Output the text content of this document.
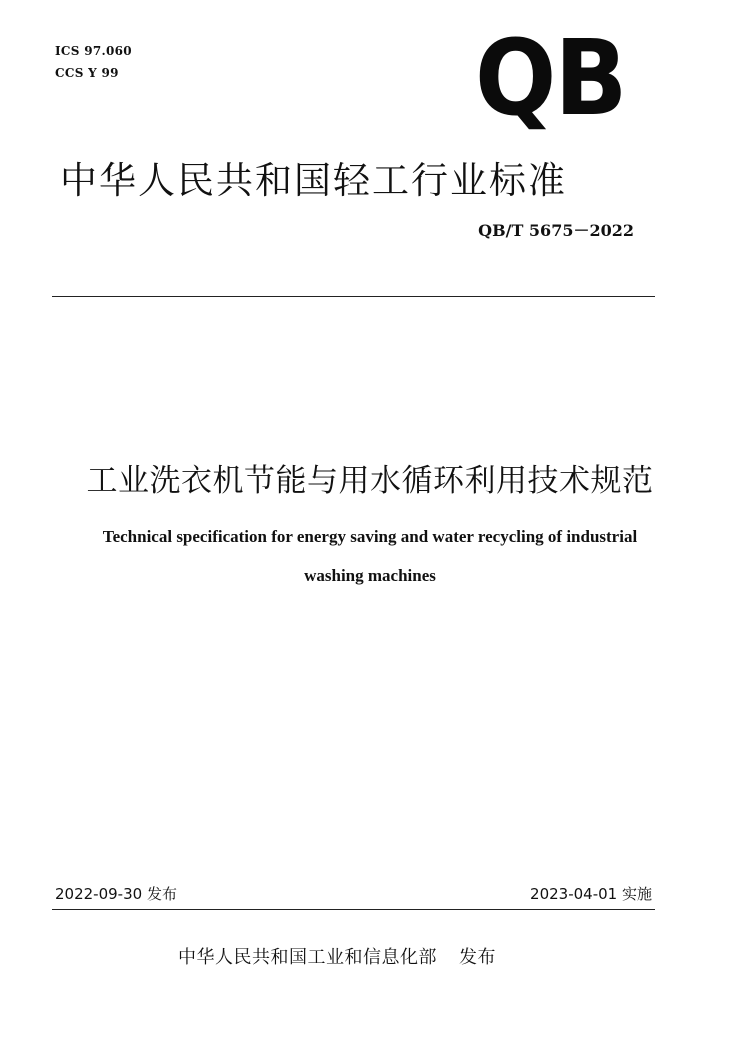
ICS 97.060
CCS Y 99	QB
中华人民共和国轻工行业标准
QB/T 5675－2022
工业洗衣机节能与用水循环利用技术规范
Technical specification for energy saving and water recycling of industrial
washing machines
2022-09-30 发布	2023-04-01 实施
中华人民共和国工业和信息化部 发布
